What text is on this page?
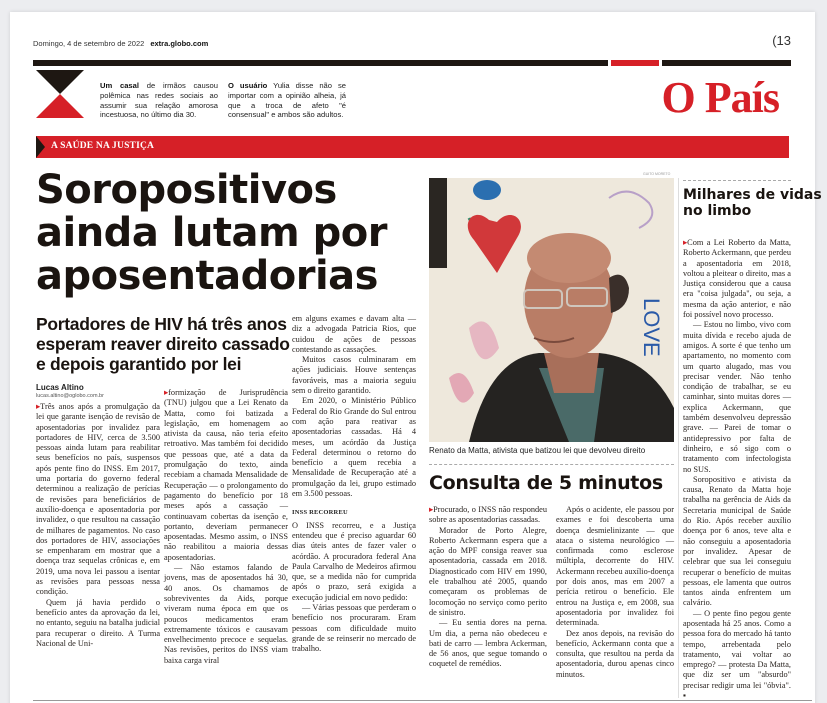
Domingo, 4 de setembro de 2022 extra.globo.com	(13
Um casal de irmãos causou polêmica nas redes sociais ao assumir sua relação amorosa incestuosa, no último dia 30.
O usuário Yulia disse não se importar com a opinião alheia, já que a troca de afeto "é consensual" e ambos são adultos.	O País
A SAÚDE NA JUSTIÇA
Soropositivos ainda lutam por aposentadorias
Portadores de HIV há três anos esperam reaver direito cassado e depois garantido por lei
Lucas Altino
lucas.altino@oglobo.com.br

▸ Três anos após a promulgação da lei que garante isenção de revisão de aposentadorias por invalidez para portadores de HIV, cerca de 3.500 pessoas ainda lutam para reabilitar seus benefícios no país, suspensos após pente fino do INSS. Em 2017, uma portaria do governo federal determinou a realização de perícias de revisões para beneficiários de auxílio-doença e aposentadoria por invalidez, o que resultou na cassação de milhares de pagamentos. No caso dos portadores de HIV, associações se empenharam em mostrar que a doença traz sequelas crônicas e, em 2019, uma nova lei passou a isentar as revisões para pessoas nessa condição.

Quem já havia perdido o benefício antes da aprovação da lei, no entanto, seguiu na batalha judicial para recuperar o direito. A Turma Nacional de Uni-

▸ formização de Jurisprudência (TNU) julgou que a Lei Renato da Matta, como foi batizada a legislação, em homenagem ao ativista da causa, não teria efeito retroativo. Mas também foi decidido que pessoas que, até a data da promulgação do texto, ainda recebiam a chamada Mensalidade de Recuperação — o prolongamento do pagamento do benefício por 18 meses após a cassação — continuavam cobertas da isenção e, portanto, deveriam permanecer aposentadas. Mesmo assim, o INSS não reabilitou a maioria dessas aposentadorias.

— Não estamos falando de jovens, mas de aposentados há 30, 40 anos. Os chamamos de sobreviventes da Aids, porque viveram numa época em que os poucos medicamentos eram extremamente tóxicos e causavam envelhecimento precoce e sequelas. Nas revisões, peritos do INSS viam baixa carga viral

em alguns exames e davam alta — diz a advogada Patricia Rios, que cuidou de ações de pessoas contestando as cassações.

Muitos casos culminaram em ações judiciais. Houve sentenças favoráveis, mas a maioria seguiu sem o direito garantido.

Em 2020, o Ministério Público Federal do Rio Grande do Sul entrou com ação para reativar as aposentadorias cassadas. Há 4 meses, um acórdão da Justiça Federal determinou o retorno do benefício a quem recebia a Mensalidade de Recuperação até a promulgação da lei, grupo estimado em 3.500 pessoas.

INSS RECORREU

O INSS recorreu, e a Justiça entendeu que é preciso aguardar 60 dias úteis antes de fazer valer o acórdão. A procuradora federal Ana Paula Carvalho de Medeiros afirmou que, se a medida não for cumprida após o prazo, será exigida a execução judicial em novo pedido:

— Várias pessoas que perderam o benefício nos procuraram. Eram pessoas com dificuldade muito grande de se reinserir no mercado de trabalho.

GUITO MORETO
LOVE
Renato da Matta, ativista que batizou lei que devolveu direito
Consulta de 5 minutos

▸ Procurado, o INSS não respondeu sobre as aposentadorias cassadas.

Morador de Porto Alegre, Roberto Ackermann espera que a ação do MPF consiga reaver sua aposentadoria, cassada em 2018. Diagnosticado com HIV em 1990, ele trabalhou até 2005, quando começaram os problemas de locomoção no serviço como perito de sinistro.

— Eu sentia dores na perna. Um dia, a perna não obedeceu e bati de carro — lembra Ackerman, de 56 anos, que segue tomando o coquetel de remédios.

Após o acidente, ele passou por exames e foi descoberta uma doença desmielinizante — que ataca o sistema neurológico — confirmada como esclerose múltipla, decorrente do HIV. Ackermann recebeu auxílio-doença por dois anos, mas em 2007 a perícia retirou o benefício. Ele entrou na Justiça e, em 2008, sua aposentadoria por invalidez foi determinada.

Dez anos depois, na revisão do benefício, Ackermann conta que a consulta, que resultou na perda da aposentadoria, durou apenas cinco minutos.

Milhares de vidas no limbo

▸ Com a Lei Roberto da Matta, Roberto Ackermann, que perdeu a aposentadoria em 2018, voltou a pleitear o direito, mas a Justiça considerou que a causa era "coisa julgada", ou seja, a mesma da ação anterior, e não foi possível novo processo.

— Estou no limbo, vivo com muita dívida e recebo ajuda de amigos. A sorte é que tenho um apartamento, no momento com um quarto alugado, mas vou precisar vender. Não tenho condição de trabalhar, se eu caminhar, sinto muitas dores — explica Ackermann, que também desenvolveu depressão grave. — Parei de tomar o antidepressivo por falta de dinheiro, e só sigo com o tratamento com infectologista no SUS.

Soropositivo e ativista da causa, Renato da Matta hoje trabalha na gerência de Aids da Secretaria municipal de Saúde do Rio. Após receber auxílio doença por 6 anos, teve alta e não conseguiu a aposentadoria por invalidez. Apesar de celebrar que sua lei conseguiu recuperar o benefício de muitas pessoas, ele lamenta que outros tantos ainda enfrentem um calvário.

— O pente fino pegou gente aposentada há 25 anos. Como a pessoa fora do mercado há tanto tempo, arrebentada pelo tratamento, vai voltar ao emprego? — protesta Da Matta, que diz ser um "absurdo" precisar redigir uma lei "óbvia". ▪
